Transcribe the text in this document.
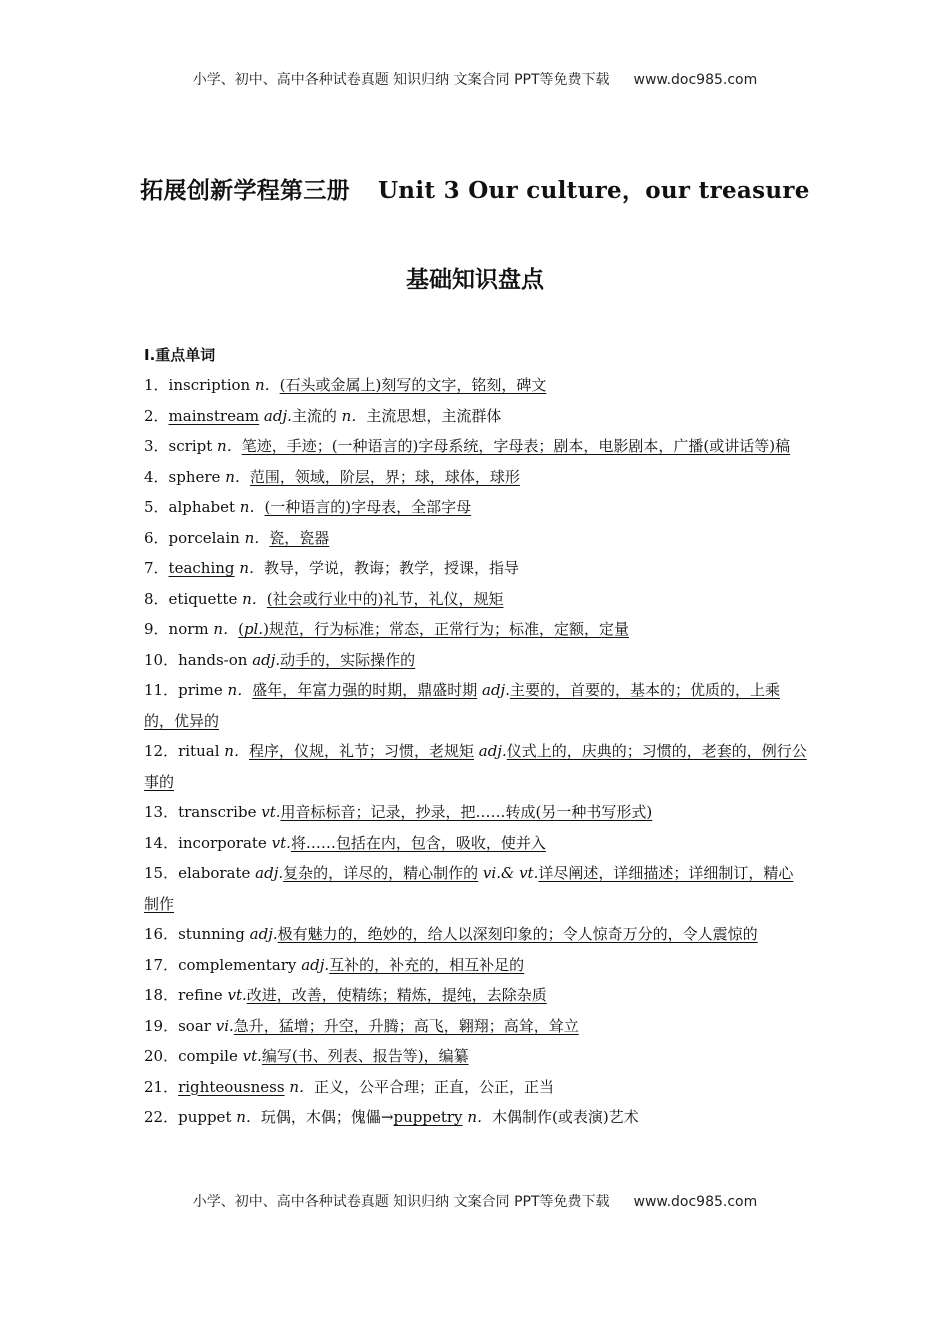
小学、初中、高中各种试卷真题 知识归纳 文案合同 PPT等免费下载 www.doc985.com
拓展创新学程第三册 Unit 3 Our culture，our treasure
基础知识盘点
Ⅰ.重点单词
1．inscription n．(石头或金属上)刻写的文字，铭刻，碑文
2．mainstream adj.主流的 n．主流思想，主流群体
3．script n．笔迹，手迹；(一种语言的)字母系统，字母表；剧本，电影剧本，广播(或讲话等)稿
4．sphere n．范围，领域，阶层，界；球，球体，球形
5．alphabet n．(一种语言的)字母表，全部字母
6．porcelain n．瓷，瓷器
7．teaching n．教导，学说，教诲；教学，授课，指导
8．etiquette n．(社会或行业中的)礼节，礼仪，规矩
9．norm n．(pl.)规范，行为标准；常态，正常行为；标准，定额，定量
10．hands-on adj.动手的，实际操作的
11．prime n．盛年，年富力强的时期，鼎盛时期 adj.主要的，首要的，基本的；优质的，上乘的，优异的
12．ritual n．程序，仪规，礼节；习惯，老规矩 adj.仪式上的，庆典的；习惯的，老套的，例行公事的
13．transcribe vt.用音标标音；记录，抄录，把……转成(另一种书写形式)
14．incorporate vt.将……包括在内，包含，吸收，使并入
15．elaborate adj.复杂的，详尽的，精心制作的 vi.& vt.详尽阐述，详细描述；详细制订，精心制作
16．stunning adj.极有魅力的，绝妙的，给人以深刻印象的；令人惊奇万分的，令人震惊的
17．complementary adj.互补的，补充的，相互补足的
18．refine vt.改进，改善，使精练；精炼，提纯，去除杂质
19．soar vi.急升，猛增；升空，升腾；高飞，翱翔；高耸，耸立
20．compile vt.编写(书、列表、报告等)，编纂
21．righteousness n．正义，公平合理；正直，公正，正当
22．puppet n．玩偶，木偶；傀儡→puppetry n．木偶制作(或表演)艺术
小学、初中、高中各种试卷真题 知识归纳 文案合同 PPT等免费下载 www.doc985.com
